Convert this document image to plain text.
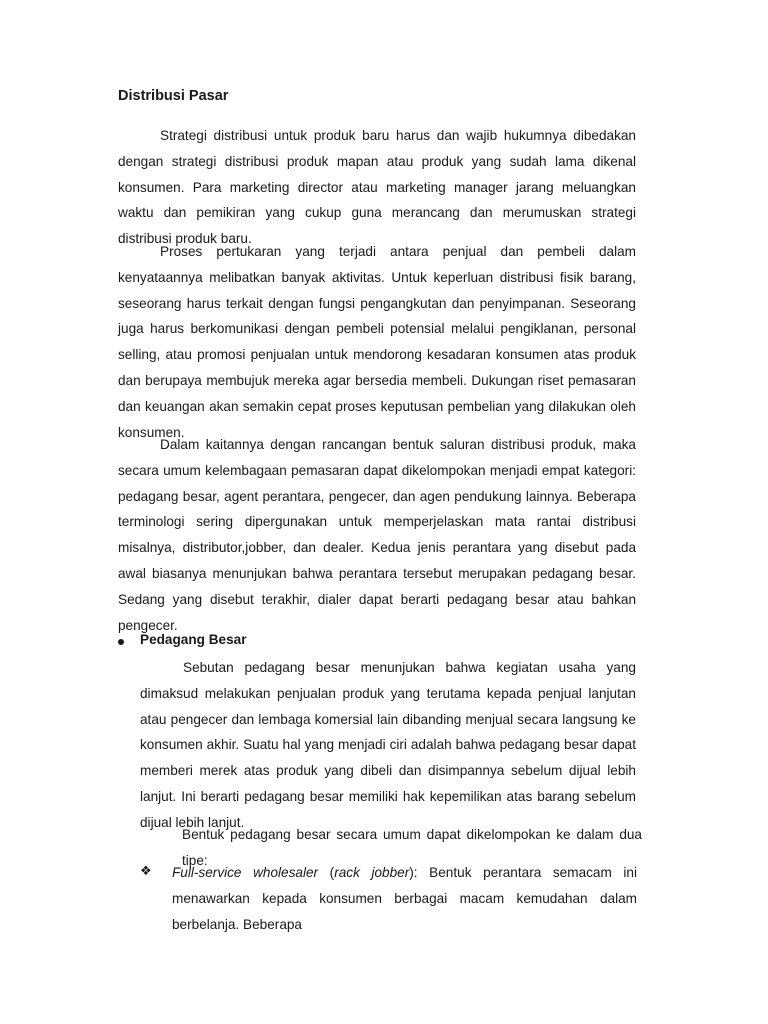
Distribusi Pasar

Strategi distribusi untuk produk baru harus dan wajib hukumnya dibedakan dengan strategi distribusi produk mapan atau produk yang sudah lama dikenal konsumen. Para marketing director atau marketing manager jarang meluangkan waktu dan pemikiran yang cukup guna merancang dan merumuskan strategi distribusi produk baru.

Proses pertukaran yang terjadi antara penjual dan pembeli dalam kenyataannya melibatkan banyak aktivitas. Untuk keperluan distribusi fisik barang, seseorang harus terkait dengan fungsi pengangkutan dan penyimpanan. Seseorang juga harus berkomunikasi dengan pembeli potensial melalui pengiklanan, personal selling, atau promosi penjualan untuk mendorong kesadaran konsumen atas produk dan berupaya membujuk mereka agar bersedia membeli. Dukungan riset pemasaran dan keuangan akan semakin cepat proses keputusan pembelian yang dilakukan oleh konsumen.

Dalam kaitannya dengan rancangan bentuk saluran distribusi produk, maka secara umum kelembagaan pemasaran dapat dikelompokan menjadi empat kategori: pedagang besar, agent perantara, pengecer, dan agen pendukung lainnya. Beberapa terminologi sering dipergunakan untuk memperjelaskan mata rantai distribusi misalnya, distributor,jobber, dan dealer. Kedua jenis perantara yang disebut pada awal biasanya menunjukan bahwa perantara tersebut merupakan pedagang besar. Sedang yang disebut terakhir, dialer dapat berarti pedagang besar atau bahkan pengecer.

Pedagang Besar

Sebutan pedagang besar menunjukan bahwa kegiatan usaha yang dimaksud melakukan penjualan produk yang terutama kepada penjual lanjutan atau pengecer dan lembaga komersial lain dibanding menjual secara langsung ke konsumen akhir. Suatu hal yang menjadi ciri adalah bahwa pedagang besar dapat memberi merek atas produk yang dibeli dan disimpannya sebelum dijual lebih lanjut. Ini berarti pedagang besar memiliki hak kepemilikan atas barang sebelum dijual lebih lanjut.

Bentuk pedagang besar secara umum dapat dikelompokan ke dalam dua tipe:

❖ Full-service wholesaler (rack jobber): Bentuk perantara semacam ini menawarkan kepada konsumen berbagai macam kemudahan dalam berbelanja. Beberapa
